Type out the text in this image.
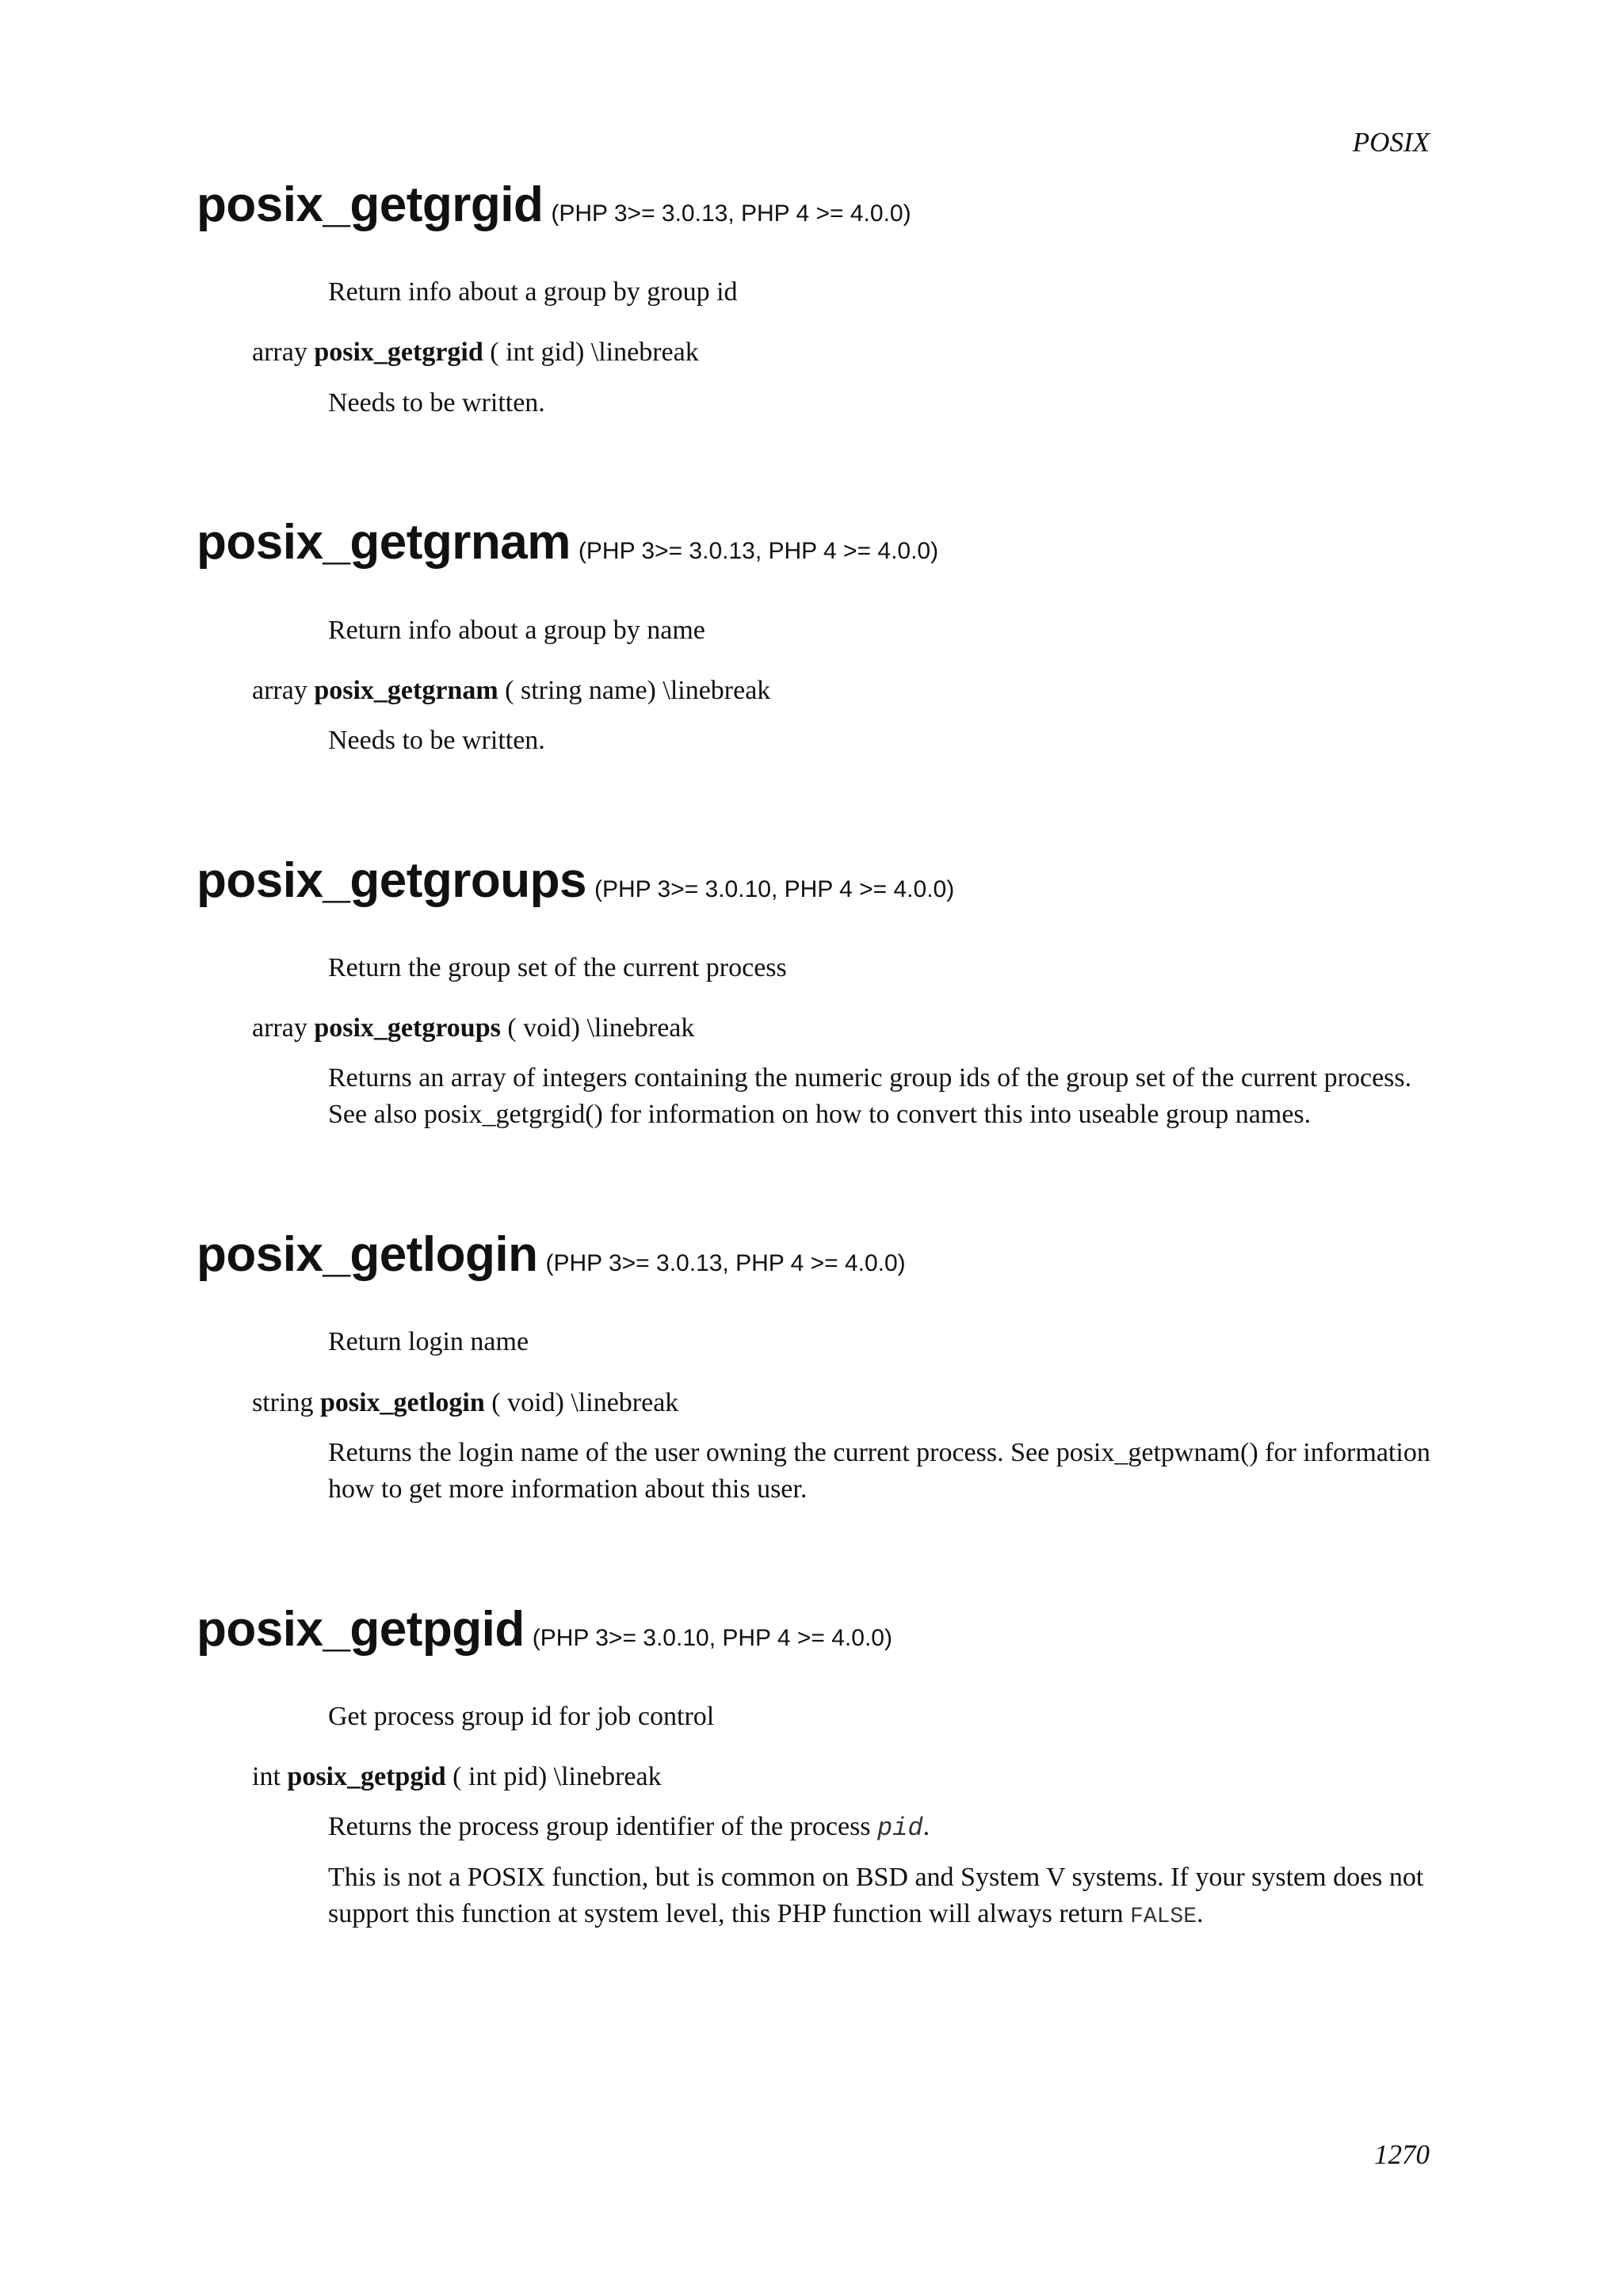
POSIX
posix_getgrgid (PHP 3>= 3.0.13, PHP 4 >= 4.0.0)
Return info about a group by group id
array posix_getgrgid ( int gid) \linebreak
Needs to be written.
posix_getgrnam (PHP 3>= 3.0.13, PHP 4 >= 4.0.0)
Return info about a group by name
array posix_getgrnam ( string name) \linebreak
Needs to be written.
posix_getgroups (PHP 3>= 3.0.10, PHP 4 >= 4.0.0)
Return the group set of the current process
array posix_getgroups ( void) \linebreak
Returns an array of integers containing the numeric group ids of the group set of the current process. See also posix_getgrgid() for information on how to convert this into useable group names.
posix_getlogin (PHP 3>= 3.0.13, PHP 4 >= 4.0.0)
Return login name
string posix_getlogin ( void) \linebreak
Returns the login name of the user owning the current process. See posix_getpwnam() for information how to get more information about this user.
posix_getpgid (PHP 3>= 3.0.10, PHP 4 >= 4.0.0)
Get process group id for job control
int posix_getpgid ( int pid) \linebreak
Returns the process group identifier of the process pid.
This is not a POSIX function, but is common on BSD and System V systems. If your system does not support this function at system level, this PHP function will always return FALSE.
1270
